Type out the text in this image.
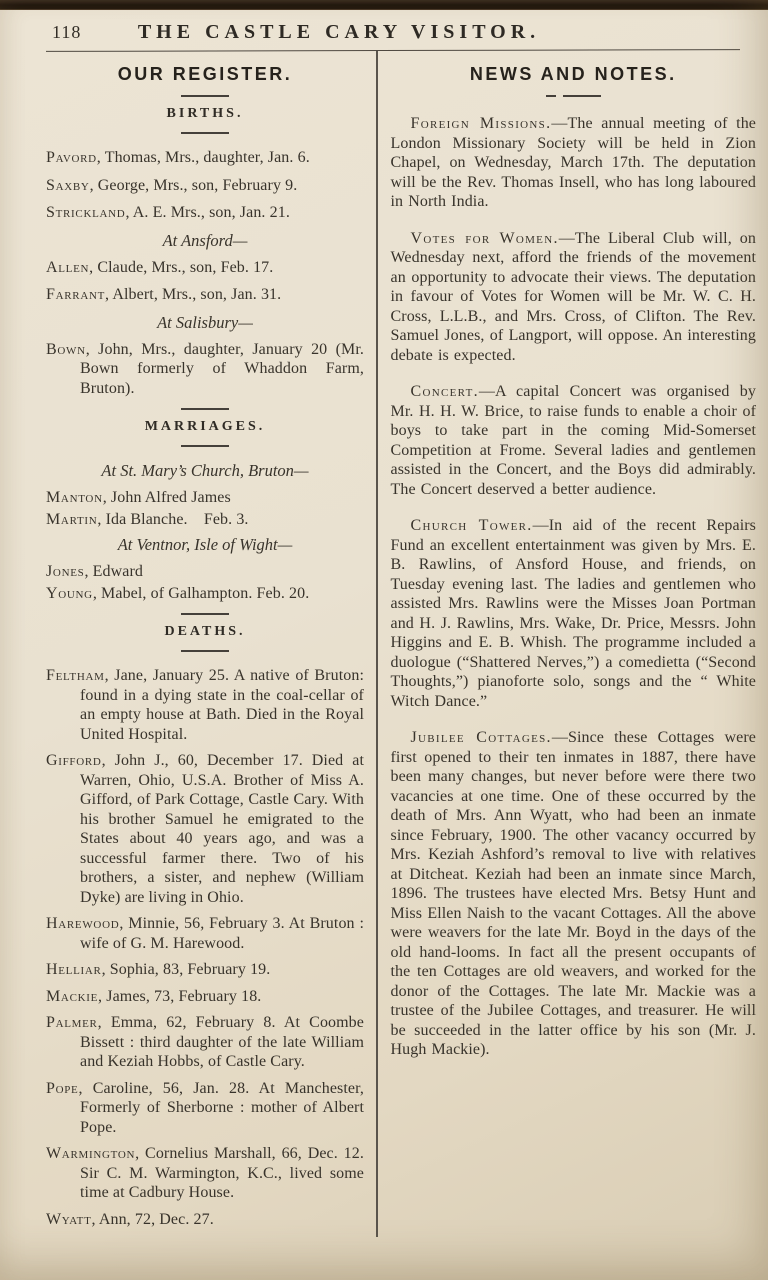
118	THE CASTLE CARY VISITOR.
OUR REGISTER.
BIRTHS.

Pavord, Thomas, Mrs., daughter, Jan. 6.

Saxby, George, Mrs., son, February 9.

Strickland, A. E. Mrs., son, Jan. 21.

At Ansford—

Allen, Claude, Mrs., son, Feb. 17.

Farrant, Albert, Mrs., son, Jan. 31.

At Salisbury—

Bown, John, Mrs., daughter, January 20 (Mr. Bown formerly of Whaddon Farm, Bruton).

MARRIAGES.

At St. Mary’s Church, Bruton—

Manton, John Alfred James

Martin, Ida Blanche.  Feb. 3.

At Ventnor, Isle of Wight—

Jones, Edward

Young, Mabel, of Galhampton. Feb. 20.

DEATHS.

Feltham, Jane, January 25. A native of Bruton: found in a dying state in the coal-cellar of an empty house at Bath. Died in the Royal United Hospital.

Gifford, John J., 60, December 17. Died at Warren, Ohio, U.S.A. Brother of Miss A. Gifford, of Park Cottage, Castle Cary. With his brother Samuel he emigrated to the States about 40 years ago, and was a successful farmer there. Two of his brothers, a sister, and nephew (William Dyke) are living in Ohio.

Harewood, Minnie, 56, February 3. At Bruton : wife of G. M. Harewood.

Helliar, Sophia, 83, February 19.

Mackie, James, 73, February 18.

Palmer, Emma, 62, February 8. At Coombe Bissett : third daughter of the late William and Keziah Hobbs, of Castle Cary.

Pope, Caroline, 56, Jan. 28. At Manchester, Formerly of Sherborne : mother of Albert Pope.

Warmington, Cornelius Marshall, 66, Dec. 12. Sir C. M. Warmington, K.C., lived some time at Cadbury House.

Wyatt, Ann, 72, Dec. 27.

NEWS AND NOTES.

Foreign Missions.—The annual meeting of the London Missionary Society will be held in Zion Chapel, on Wednesday, March 17th. The deputation will be the Rev. Thomas Insell, who has long laboured in North India.

Votes for Women.—The Liberal Club will, on Wednesday next, afford the friends of the movement an opportunity to advocate their views. The deputation in favour of Votes for Women will be Mr. W. C. H. Cross, L.L.B., and Mrs. Cross, of Clifton. The Rev. Samuel Jones, of Langport, will oppose. An interesting debate is expected.

Concert.—A capital Concert was organised by Mr. H. H. W. Brice, to raise funds to enable a choir of boys to take part in the coming Mid-Somerset Competition at Frome. Several ladies and gentlemen assisted in the Concert, and the Boys did admirably. The Concert deserved a better audience.

Church Tower.—In aid of the recent Repairs Fund an excellent entertainment was given by Mrs. E. B. Rawlins, of Ansford House, and friends, on Tuesday evening last. The ladies and gentlemen who assisted Mrs. Rawlins were the Misses Joan Portman and H. J. Rawlins, Mrs. Wake, Dr. Price, Messrs. John Higgins and E. B. Whish. The programme included a duologue (“Shattered Nerves,”) a comedietta (“Second Thoughts,”) pianoforte solo, songs and the “ White Witch Dance.”

Jubilee Cottages.—Since these Cottages were first opened to their ten inmates in 1887, there have been many changes, but never before were there two vacancies at one time. One of these occurred by the death of Mrs. Ann Wyatt, who had been an inmate since February, 1900. The other vacancy occurred by Mrs. Keziah Ashford’s removal to live with relatives at Ditcheat. Keziah had been an inmate since March, 1896. The trustees have elected Mrs. Betsy Hunt and Miss Ellen Naish to the vacant Cottages. All the above were weavers for the late Mr. Boyd in the days of the old hand-looms. In fact all the present occupants of the ten Cottages are old weavers, and worked for the donor of the Cottages. The late Mr. Mackie was a trustee of the Jubilee Cottages, and treasurer. He will be succeeded in the latter office by his son (Mr. J. Hugh Mackie).
